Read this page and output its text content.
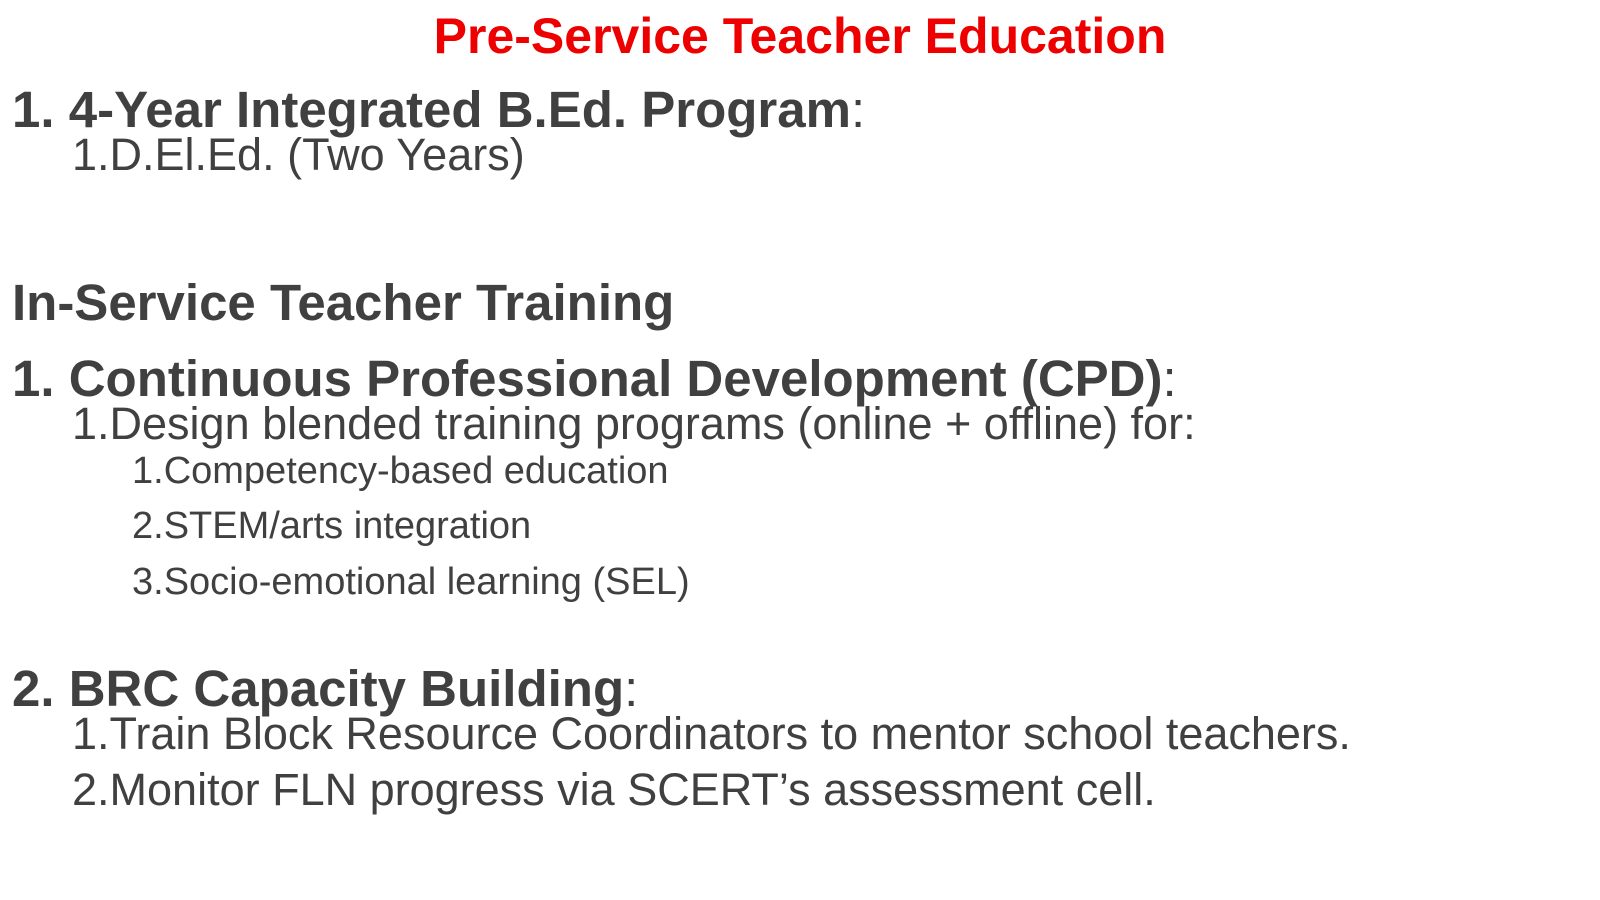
Pre-Service Teacher Education
1. 4-Year Integrated B.Ed. Program:
1.D.El.Ed. (Two Years)
In-Service Teacher Training
1. Continuous Professional Development (CPD):
1.Design blended training programs (online + offline) for:
1.Competency-based education
2.STEM/arts integration
3.Socio-emotional learning (SEL)
2. BRC Capacity Building:
1.Train Block Resource Coordinators to mentor school teachers.
2.Monitor FLN progress via SCERT’s assessment cell.
